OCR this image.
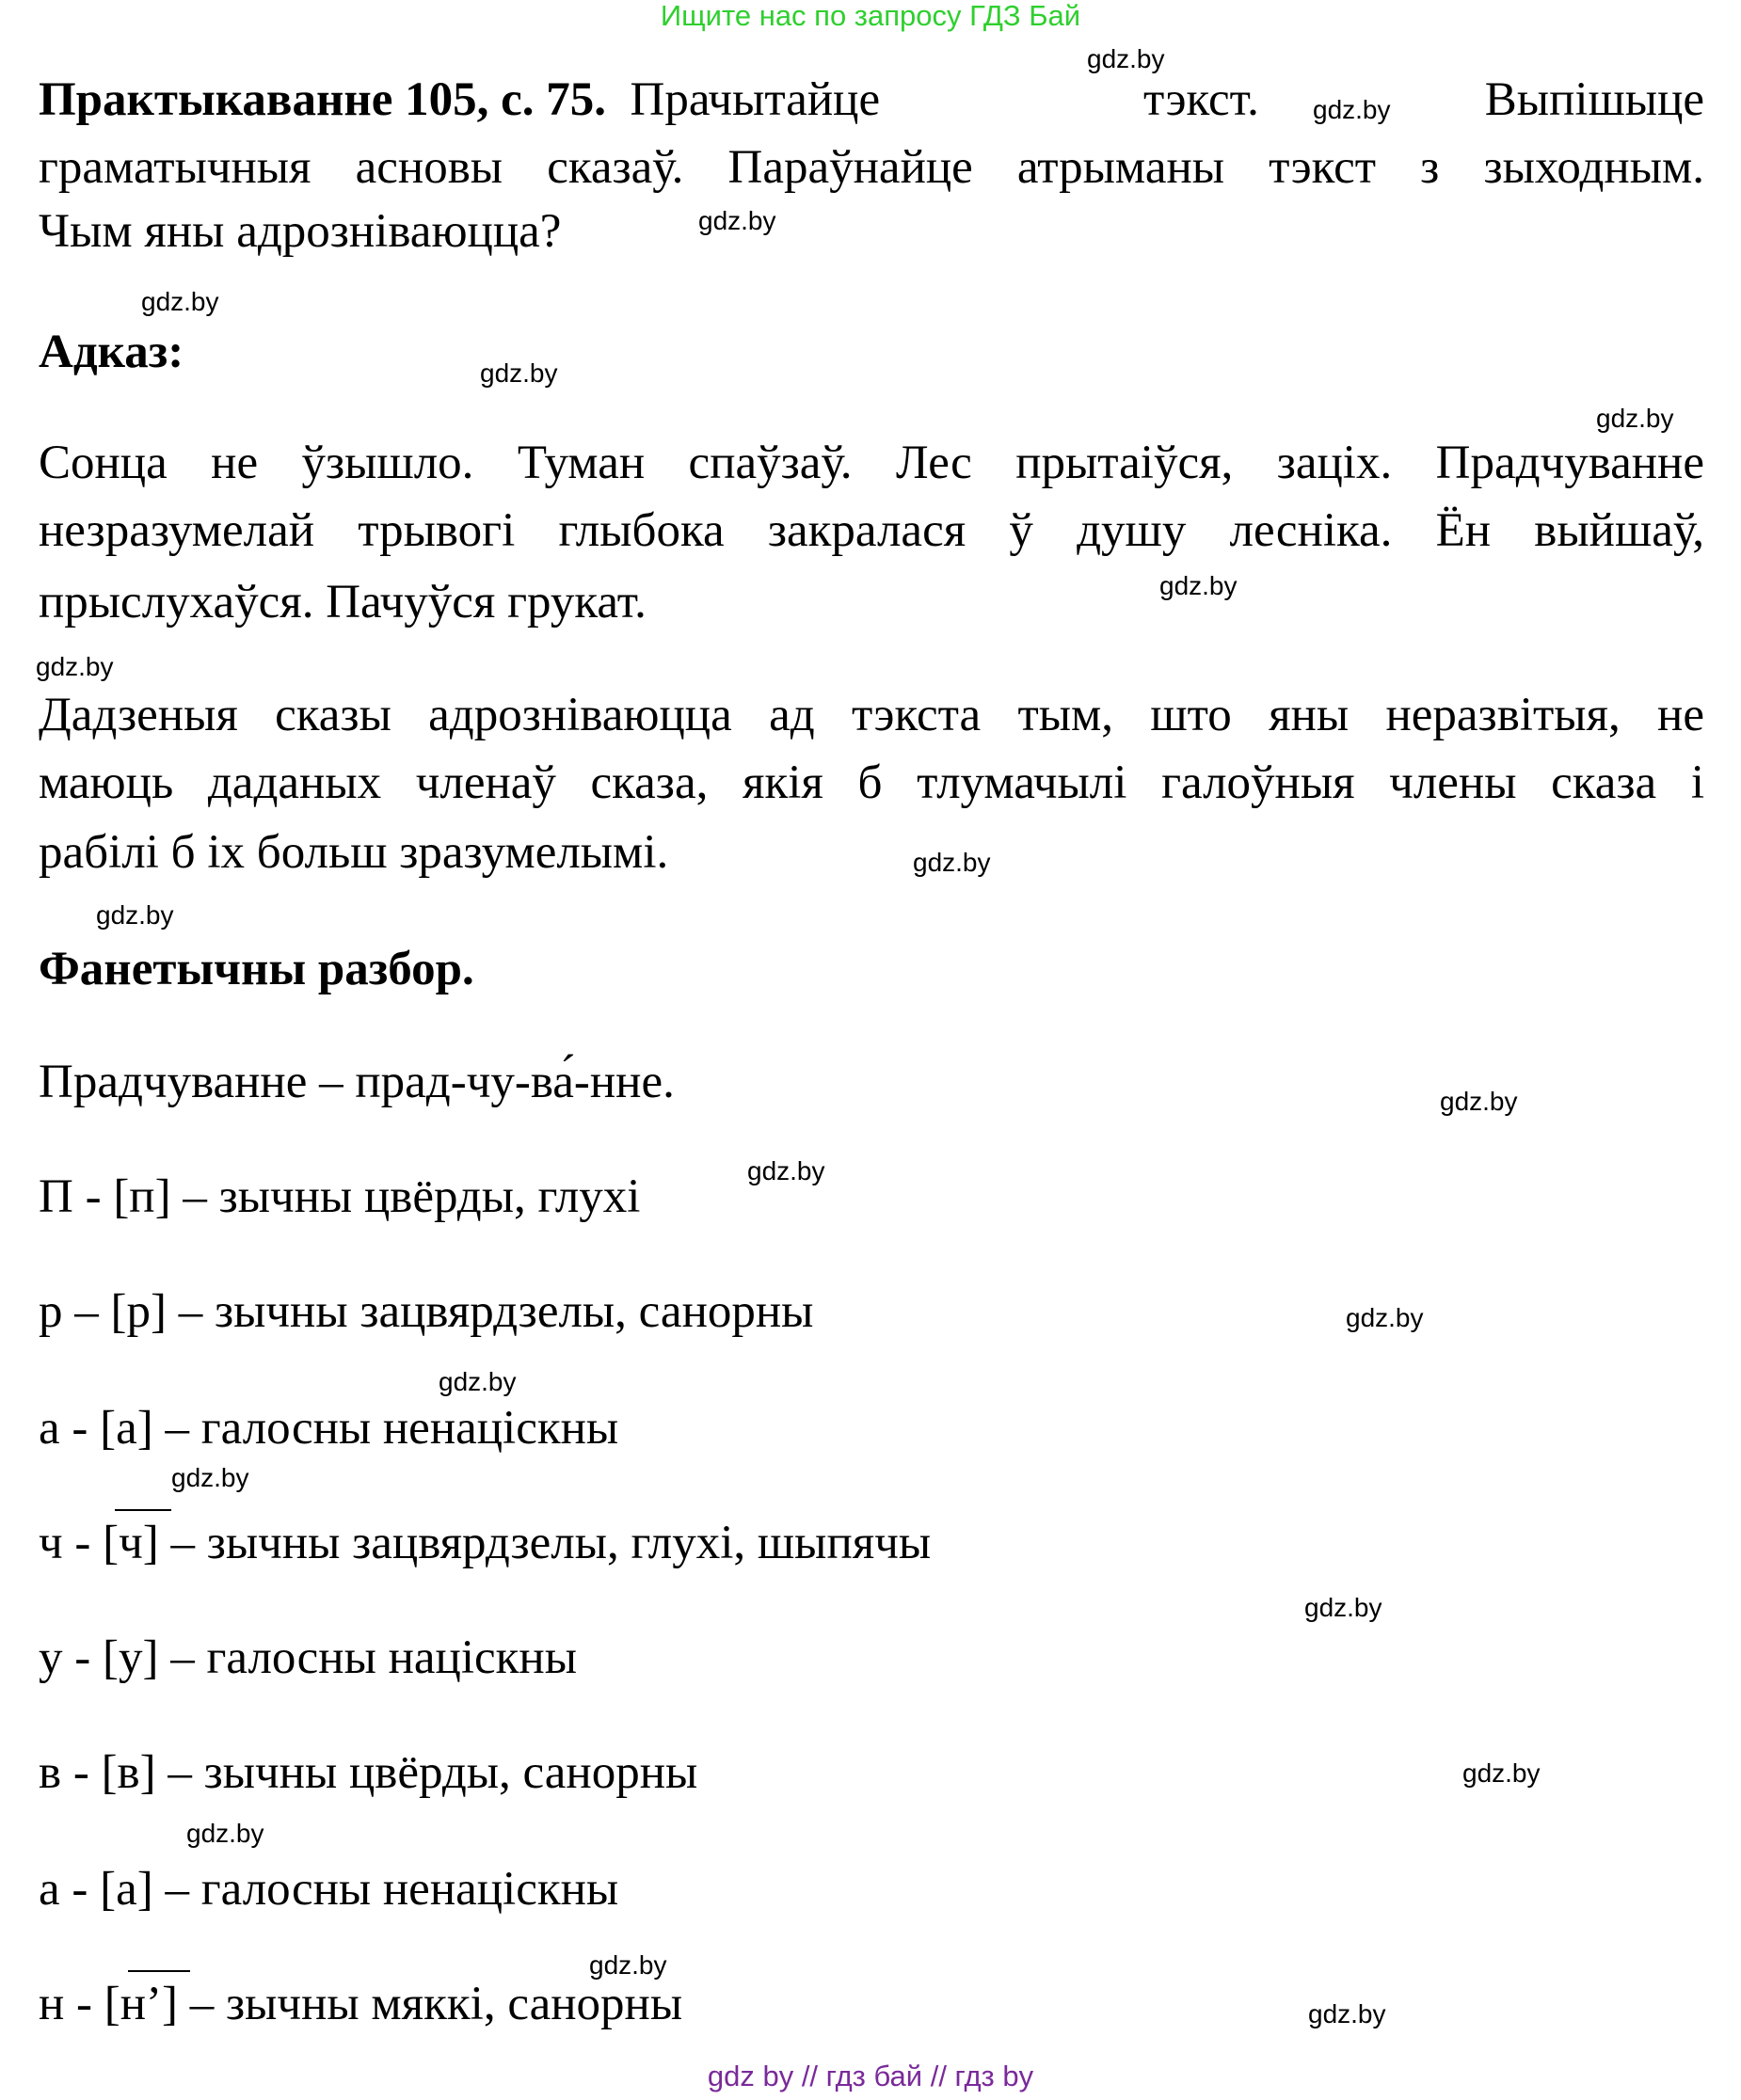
Ищите нас по запросу ГДЗ Бай
Практыкаванне 105, с. 75. Прачытайце	тэкст.	Выпішыце
граматычныя асновы сказаў. Параўнайце атрыманы тэкст з зыходным.
Чым яны адрозніваюцца?
Адказ:
Сонца не ўзышло. Туман спаўзаў. Лес прытаіўся, заціх. Прадчуванне
незразумелай трывогі глыбока закралася ў душу лесніка. Ён выйшаў,
прыслухаўся. Пачуўся грукат.
Дадзеныя сказы адрозніваюцца ад тэкста тым, што яны неразвітыя, не
маюць даданых членаў сказа, якія б тлумачылі галоўныя члены сказа і
рабілі б іх больш зразумелымі.
Фанетычны разбор.
Прадчуванне – прад-чу-ва́-нне.
П - [п] – зычны цвёрды, глухі
р – [р] – зычны зацвярдзелы, санорны
а - [а] – галосны ненаціскны
ч - [ч] – зычны зацвярдзелы, глухі, шыпячы
у - [у] – галосны націскны
в - [в] – зычны цвёрды, санорны
а - [а] – галосны ненаціскны
н - [н’] – зычны мяккі, санорны
gdz.by
gdz.by
gdz.by
gdz.by
gdz.by
gdz.by
gdz.by
gdz.by
gdz.by
gdz.by
gdz.by
gdz.by
gdz.by
gdz.by
gdz.by
gdz.by
gdz.by
gdz.by
gdz.by
gdz.by
gdz by // гдз бай // гдз by
